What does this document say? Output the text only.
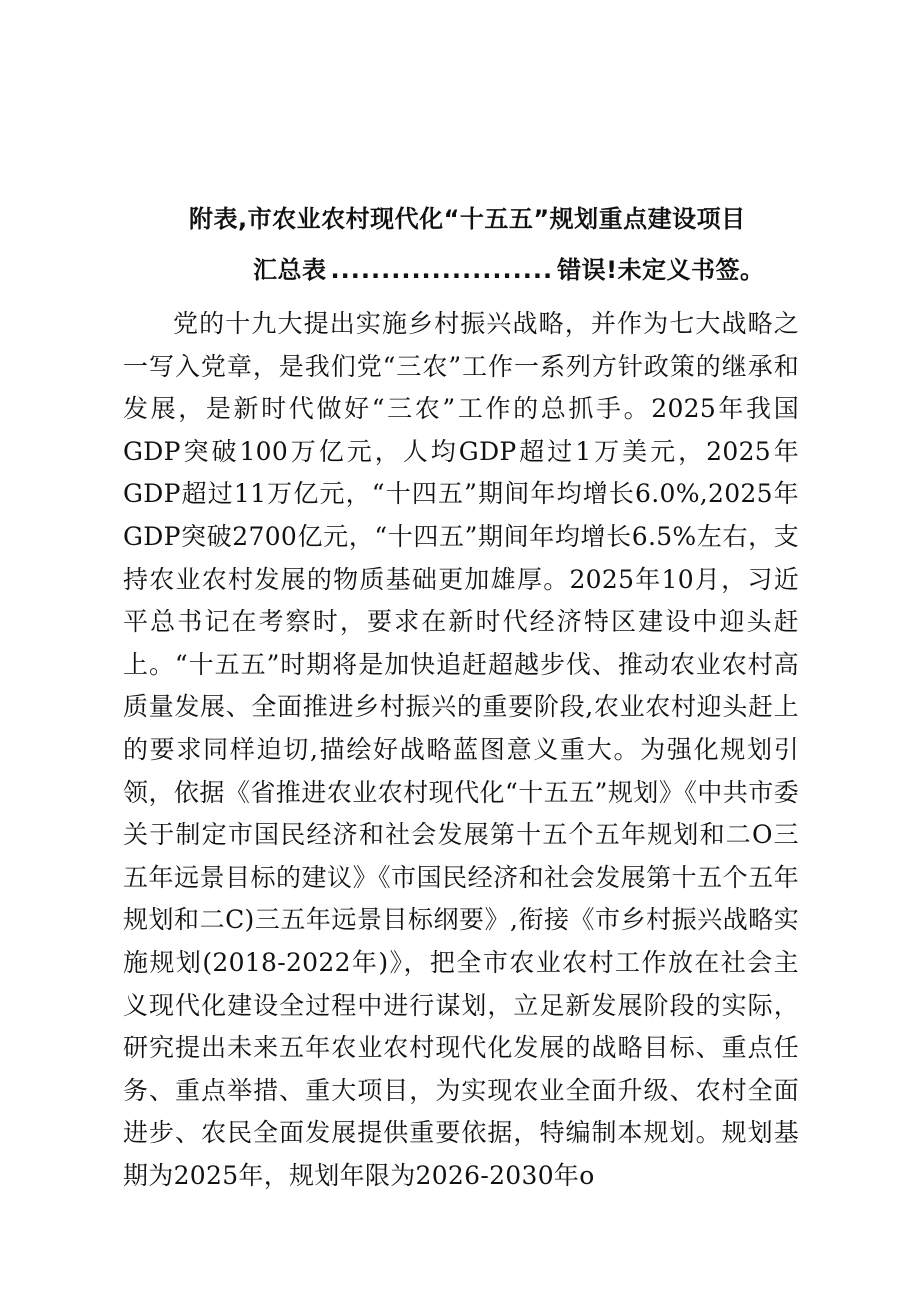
附表,市农业农村现代化“十五五”规划重点建设项目
汇总表 ...................... 错误!未定义书签。

党的十九大提出实施乡村振兴战略，并作为七大战略之一写入党章，是我们党“三农”工作一系列方针政策的继承和发展，是新时代做好“三农”工作的总抓手。2025年我国GDP突破100万亿元，人均GDP超过1万美元，2025年GDP超过11万亿元，“十四五”期间年均增长6.0%,2025年GDP突破2700亿元，“十四五”期间年均增长6.5%左右，支持农业农村发展的物质基础更加雄厚。2025年10月，习近平总书记在考察时，要求在新时代经济特区建设中迎头赶上。“十五五”时期将是加快追赶超越步伐、推动农业农村高质量发展、全面推进乡村振兴的重要阶段,农业农村迎头赶上的要求同样迫切,描绘好战略蓝图意义重大。为强化规划引领，依据《省推进农业农村现代化“十五五”规划》《中共市委关于制定市国民经济和社会发展第十五个五年规划和二O三五年远景目标的建议》《市国民经济和社会发展第十五个五年规划和二C)三五年远景目标纲要》,衔接《市乡村振兴战略实施规划(2018-2022年)》，把全市农业农村工作放在社会主义现代化建设全过程中进行谋划，立足新发展阶段的实际，研究提出未来五年农业农村现代化发展的战略目标、重点任务、重点举措、重大项目，为实现农业全面升级、农村全面进步、农民全面发展提供重要依据，特编制本规划。规划基期为2025年，规划年限为2026-2030年o
